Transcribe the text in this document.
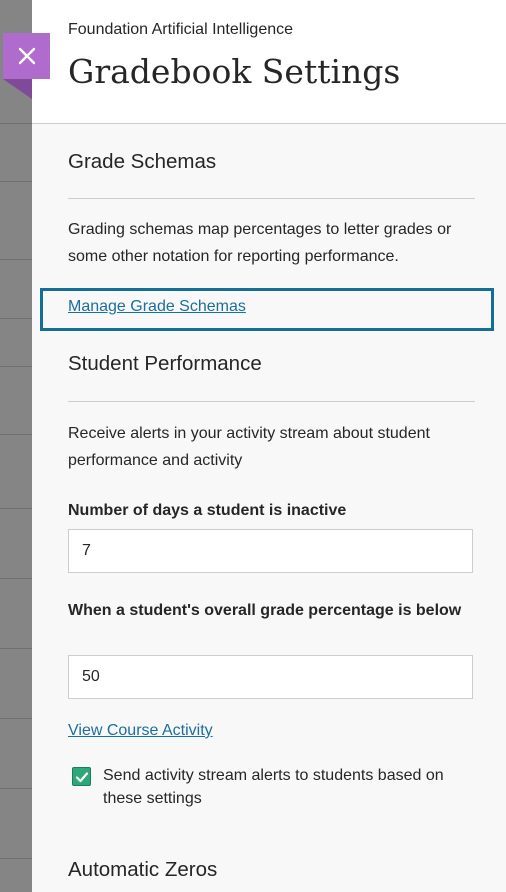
Foundation Artificial Intelligence
Gradebook Settings
Grade Schemas
Grading schemas map percentages to letter grades or some other notation for reporting performance.
Manage Grade Schemas
Student Performance
Receive alerts in your activity stream about student performance and activity
Number of days a student is inactive
7
When a student's overall grade percentage is below
50
View Course Activity
Send activity stream alerts to students based on these settings
Automatic Zeros
